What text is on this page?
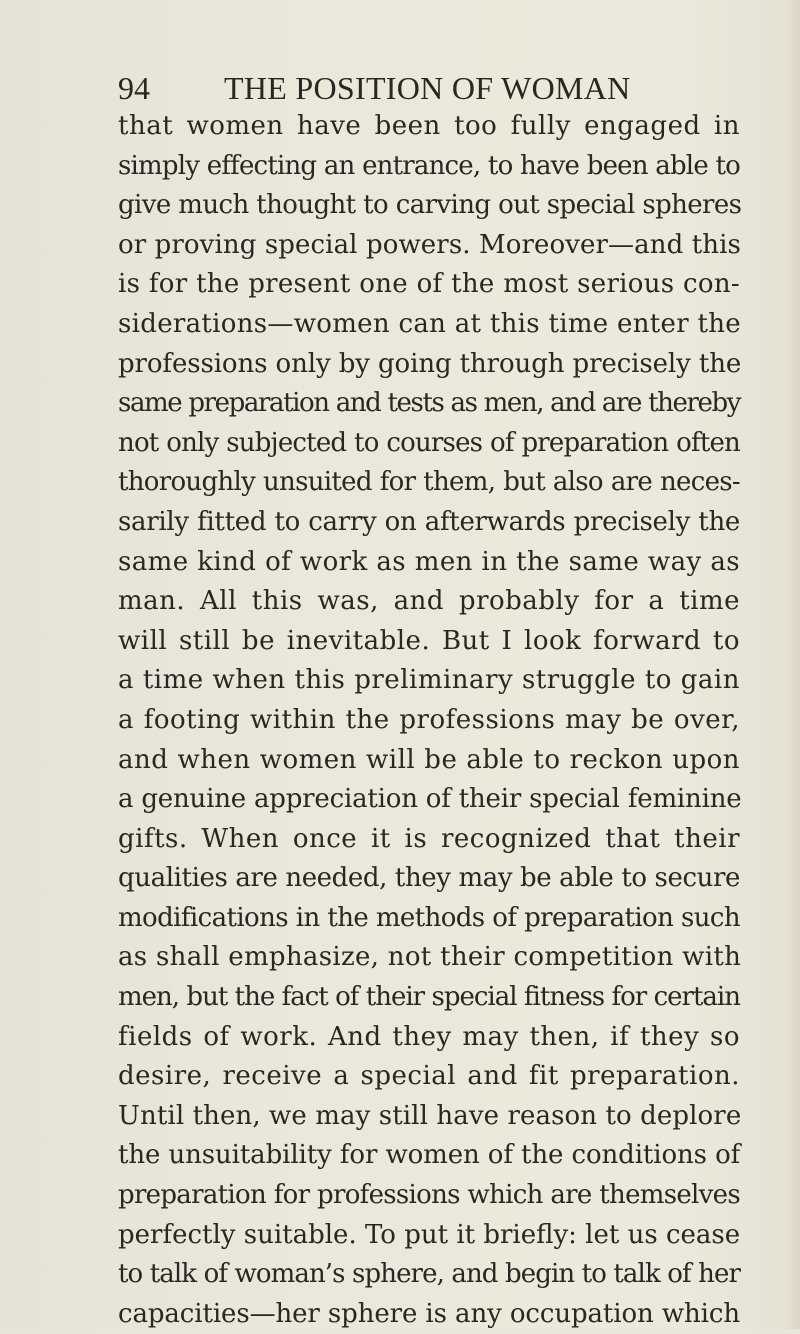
94 THE POSITION OF WOMAN
that women have been too fully engaged in
simply effecting an entrance, to have been able to
give much thought to carving out special spheres
or proving special powers. Moreover—and this
is for the present one of the most serious con-
siderations—women can at this time enter the
professions only by going through precisely the
same preparation and tests as men, and are thereby
not only subjected to courses of preparation often
thoroughly unsuited for them, but also are neces-
sarily fitted to carry on afterwards precisely the
same kind of work as men in the same way as
man. All this was, and probably for a time
will still be inevitable. But I look forward to
a time when this preliminary struggle to gain
a footing within the professions may be over,
and when women will be able to reckon upon
a genuine appreciation of their special feminine
gifts. When once it is recognized that their
qualities are needed, they may be able to secure
modifications in the methods of preparation such
as shall emphasize, not their competition with
men, but the fact of their special fitness for certain
fields of work. And they may then, if they so
desire, receive a special and fit preparation.
Until then, we may still have reason to deplore
the unsuitability for women of the conditions of
preparation for professions which are themselves
perfectly suitable. To put it briefly: let us cease
to talk of woman’s sphere, and begin to talk of her
capacities—her sphere is any occupation which
